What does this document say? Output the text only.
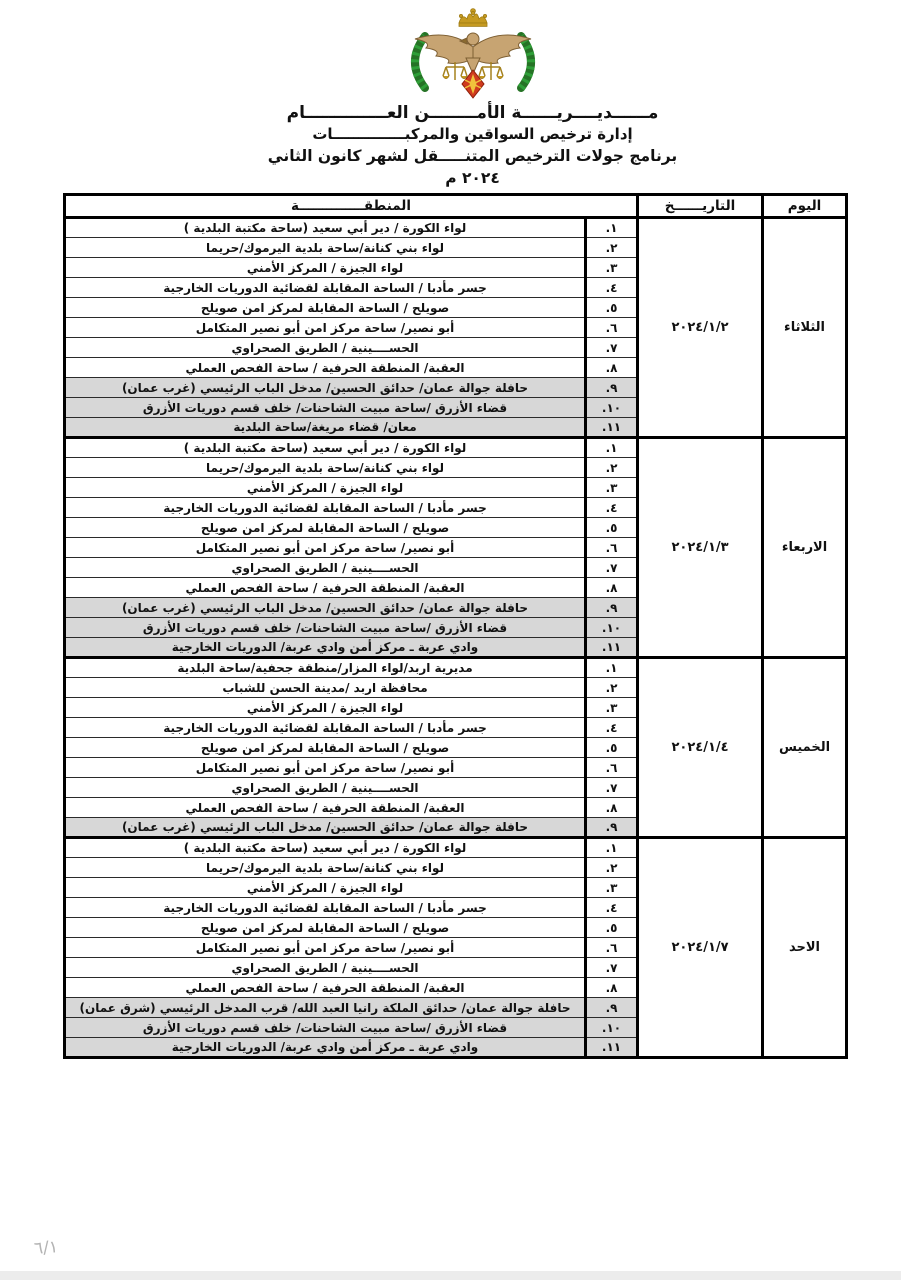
مــــــديــــريــــــة الأمــــــــن العــــــــــــــام
إدارة ترخيص السواقين والمركبــــــــــــــات
برنامج جولات الترخيص المتنـــــقل لشهر كانون الثاني ٢٠٢٤ م
اليوم	التاريــــــخ	المنطقــــــــــــــة	
الثلاثاء	٢٠٢٤/١/٢	١.	لواء الكورة / دير أبي سعيد (ساحة مكتبة البلدية )
		٢.	لواء بني كنانة/ساحة بلدية اليرموك/حريما
		٣.	لواء الجيزة / المركز الأمني
		٤.	جسر مأدبا / الساحة المقابلة لقضائية الدوريات الخارجية
		٥.	صويلح / الساحة المقابلة لمركز امن صويلح
		٦.	أبو نصير/ ساحة مركز امن أبو نصير المتكامل
		٧.	الحســــينية / الطريق الصحراوي
		٨.	العقبة/ المنطقة الحرفية / ساحة الفحص العملي
		٩.	حافلة جوالة عمان/ حدائق الحسين/ مدخل الباب الرئيسي (غرب عمان)
		١٠.	قضاء الأزرق /ساحة مبيت الشاحنات/ خلف قسم دوريات الأزرق
		١١.	معان/ قضاء مريغة/ساحة البلدية
الاربعاء	٢٠٢٤/١/٣	١.	لواء الكورة / دير أبي سعيد (ساحة مكتبة البلدية )
		٢.	لواء بني كنانة/ساحة بلدية اليرموك/حريما
		٣.	لواء الجيزة / المركز الأمني
		٤.	جسر مأدبا / الساحة المقابلة لقضائية الدوريات الخارجية
		٥.	صويلح / الساحة المقابلة لمركز امن صويلح
		٦.	أبو نصير/ ساحة مركز امن أبو نصير المتكامل
		٧.	الحســــينية / الطريق الصحراوي
		٨.	العقبة/ المنطقة الحرفية / ساحة الفحص العملي
		٩.	حافلة جوالة عمان/ حدائق الحسين/ مدخل الباب الرئيسي (غرب عمان)
		١٠.	قضاء الأزرق /ساحة مبيت الشاحنات/ خلف قسم دوريات الأزرق
		١١.	وادي عربة ـ مركز أمن وادي عربة/ الدوريات الخارجية
الخميس	٢٠٢٤/١/٤	١.	مديرية اربد/لواء المزار/منطقة جحفية/ساحة البلدية
		٢.	محافظة اربد /مدينة الحسن للشباب
		٣.	لواء الجيزة / المركز الأمني
		٤.	جسر مأدبا / الساحة المقابلة لقضائية الدوريات الخارجية
		٥.	صويلح / الساحة المقابلة لمركز امن صويلح
		٦.	أبو نصير/ ساحة مركز امن أبو نصير المتكامل
		٧.	الحســــينية / الطريق الصحراوي
		٨.	العقبة/ المنطقة الحرفية / ساحة الفحص العملي
		٩.	حافلة جوالة عمان/ حدائق الحسين/ مدخل الباب الرئيسي (غرب عمان)
الاحد	٢٠٢٤/١/٧	١.	لواء الكورة / دير أبي سعيد (ساحة مكتبة البلدية )
		٢.	لواء بني كنانة/ساحة بلدية اليرموك/حريما
		٣.	لواء الجيزة / المركز الأمني
		٤.	جسر مأدبا / الساحة المقابلة لقضائية الدوريات الخارجية
		٥.	صويلح / الساحة المقابلة لمركز امن صويلح
		٦.	أبو نصير/ ساحة مركز امن أبو نصير المتكامل
		٧.	الحســــينية / الطريق الصحراوي
		٨.	العقبة/ المنطقة الحرفية / ساحة الفحص العملي
		٩.	حافلة جوالة عمان/ حدائق الملكة رانيا العبد الله/ قرب المدخل الرئيسي (شرق عمان)
		١٠.	قضاء الأزرق /ساحة مبيت الشاحنات/ خلف قسم دوريات الأزرق
		١١.	وادي عربة ـ مركز أمن وادي عربة/ الدوريات الخارجية
٦/١
